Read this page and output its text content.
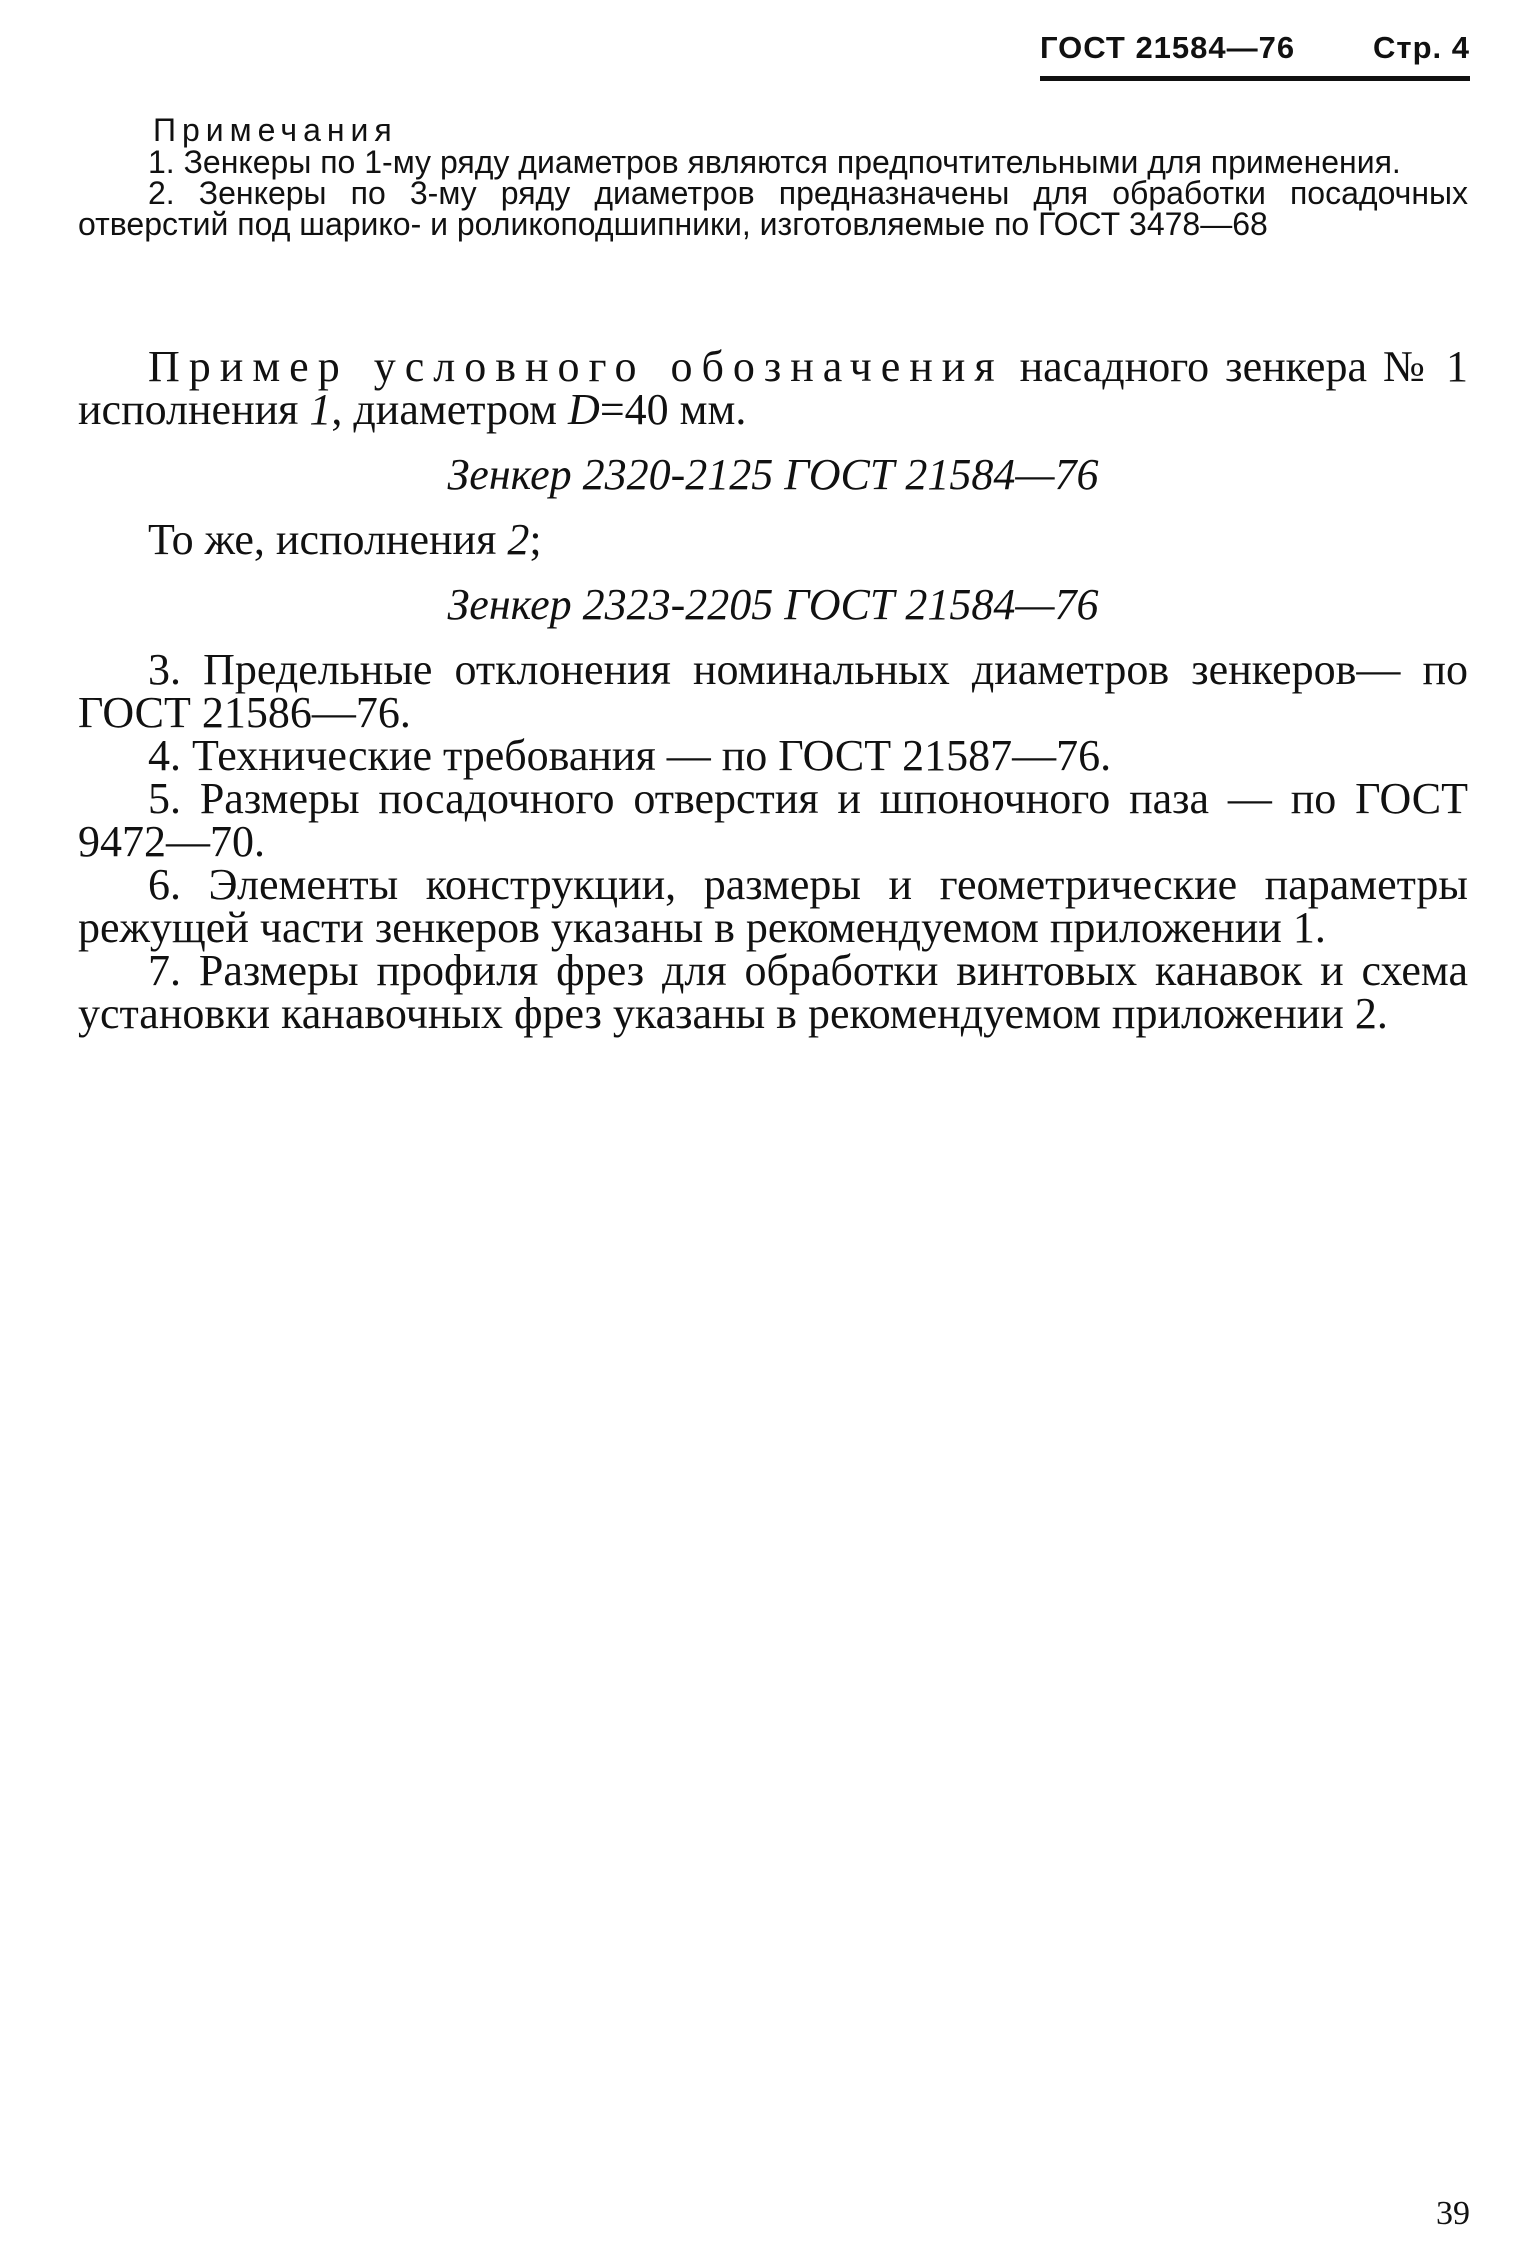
ГОСТ 21584—76	Стр. 4
Примечания

1. Зенкеры по 1-му ряду диаметров являются предпочтительными для применения.

2. Зенкеры по 3-му ряду диаметров предназначены для обработки посадочных отверстий под шарико- и роликоподшипники, изготовляемые по ГОСТ 3478—68

Пример условного обозначения насадного зенкера № 1 исполнения 1, диаметром D=40 мм.

Зенкер 2320-2125 ГОСТ 21584—76

То же, исполнения 2;

Зенкер 2323-2205 ГОСТ 21584—76

3. Предельные отклонения номинальных диаметров зенкеров— по ГОСТ 21586—76.

4. Технические требования — по ГОСТ 21587—76.

5. Размеры посадочного отверстия и шпоночного паза — по ГОСТ 9472—70.

6. Элементы конструкции, размеры и геометрические параметры режущей части зенкеров указаны в рекомендуемом приложении 1.

7. Размеры профиля фрез для обработки винтовых канавок и схема установки канавочных фрез указаны в рекомендуемом приложении 2.

39
